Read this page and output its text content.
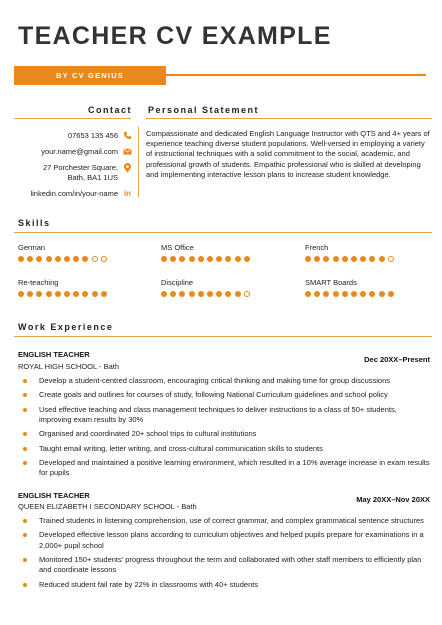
TEACHER CV EXAMPLE
BY CV GENIUS
Contact Personal Statement
07653 135 456
your.name@gmail.com
27 Porchester Square,
Bath, BA1 1US
linkedin.com/in/your-name in
Compassionate and dedicated English Language Instructor with QTS and 4+ years of experience teaching diverse student populations. Well-versed in employing a variety of instructional techniques with a solid commitment to the social, academic, and professional growth of students. Empathic professional who is skilled at developing and implementing interactive lesson plans to increase student knowledge.
Skills
German	MS Office	French
Re-teaching	Discipline	SMART Boards
Work Experience
ENGLISH TEACHER
Dec 20XX–Present
ROYAL HIGH SCHOOL - Bath
Develop a student-centred classroom, encouraging critical thinking and making time for group discussions
Create goals and outlines for courses of study, following National Curriculum guidelines and school policy
Used effective teaching and class management techniques to deliver instructions to a class of 50+ students, improving exam results by 30%
Organised and coordinated 20+ school trips to cultural institutions
Taught email writing, letter writing, and cross-cultural communication skills to students
Developed and maintained a positive learning environment, which resulted in a 10% average increase in exam results for pupils
ENGLISH TEACHER	May 20XX–Nov 20XX
QUEEN ELIZABETH I SECONDARY SCHOOL - Bath
Trained students in listening comprehension, use of correct grammar, and complex grammatical sentence structures
Developed effective lesson plans according to curriculum objectives and helped pupils prepare for examinations in a 2,000+ pupil school
Monitored 150+ students’ progress throughout the term and collaborated with other staff members to efficiently plan and coordinate lessons
Reduced student fail rate by 22% in classrooms with 40+ students
